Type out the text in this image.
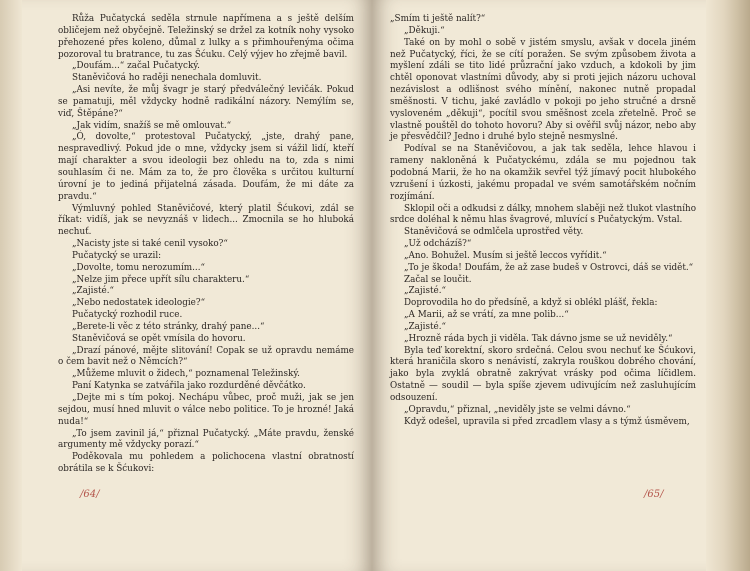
Růža Pučatycká seděla strnule napřímena a s ještě delším obličejem než obyčejně. Teležinský se držel za kotník nohy vysoko přehozené přes koleno, důmal z lulky a s přimhouřenýma očima pozoroval tu bratrance, tu zas Šćuku. Celý výjev ho zřejmě bavil.

„Doufám...“ začal Pučatycký.

Staněvičová ho raději nenechala domluvit.

„Asi nevíte, že můj švagr je starý předválečný levičák. Pokud se pamatuji, měl vždycky hodně radikální názory. Nemýlím se, viď, Štěpáne?“

„Jak vidím, snažíš se mě omlouvat.“

„Ó, dovolte,“ protestoval Pučatycký, „jste, drahý pane, nespravedlivý. Pokud jde o mne, vždycky jsem si vážil lidí, kteří mají charakter a svou ideologii bez ohledu na to, zda s nimi souhlasím či ne. Mám za to, že pro člověka s určitou kulturní úrovní je to jediná přijatelná zásada. Doufám, že mi dáte za pravdu.“

Výmluvný pohled Staněvičové, který platil Šćukovi, zdál se říkat: vidíš, jak se nevyznáš v lidech... Zmocnila se ho hluboká nechuť.

„Nacisty jste si také cenil vysoko?“

Pučatycký se urazil:

„Dovolte, tomu nerozumím...“

„Nelze jim přece upřít sílu charakteru.“

„Zajisté.“

„Nebo nedostatek ideologie?“

Pučatycký rozhodil ruce.

„Berete-li věc z této stránky, drahý pane...“

Staněvičová se opět vmísila do hovoru.

„Drazí pánové, mějte slitování! Copak se už opravdu nemáme o čem bavit než o Němcích?“

„Můžeme mluvit o židech,“ poznamenal Teležinský.

Paní Katynka se zatvářila jako rozdurděné děvčátko.

„Dejte mi s tím pokoj. Nechápu vůbec, proč muži, jak se jen sejdou, musí hned mluvit o válce nebo politice. To je hrozné! Jaká nuda!“

„To jsem zavinil já,“ přiznal Pučatycký. „Máte pravdu, ženské argumenty mě vždycky porazí.“

Poděkovala mu pohledem a polichocena vlastní obratností obrátila se k Šćukovi:

/64/

„Smím ti ještě nalít?“

„Děkuji.“

Také on by mohl o sobě v jistém smyslu, avšak v docela jiném než Pučatycký, říci, že se cítí poražen. Se svým způsobem života a myšlení zdáli se tito lidé průzrační jako vzduch, a kdokoli by jim chtěl oponovat vlastními důvody, aby si proti jejich názoru uchoval nezávislost a odlišnost svého mínění, nakonec nutně propadal směšnosti. V tichu, jaké zavládlo v pokoji po jeho stručné a drsně vysloveném „děkuji“, pocítil svou směšnost zcela zřetelně. Proč se vlastně pouštěl do tohoto hovoru? Aby si ověřil svůj názor, nebo aby je přesvědčil? Jedno i druhé bylo stejně nesmyslné.

Podíval se na Staněvičovou, a jak tak seděla, lehce hlavou i rameny nakloněná k Pučatyckému, zdála se mu pojednou tak podobná Marii, že ho na okamžik sevřel týž jímavý pocit hlubokého vzrušení i úzkosti, jakému propadal ve svém samotářském nočním rozjímání.

Sklopil oči a odkudsi z dálky, mnohem slaběji než tlukot vlastního srdce doléhal k němu hlas švagrové, mluvící s Pučatyckým. Vstal.

Staněvičová se odmlčela uprostřed věty.

„Už odcházíš?“

„Ano. Bohužel. Musím si ještě leccos vyřídit.“

„To je škoda! Doufám, že až zase budeš v Ostrovci, dáš se vidět.“

Začal se loučit.

„Zajisté.“

Doprovodila ho do předsíně, a když si oblékl plášť, řekla:

„A Marii, až se vrátí, za mne polib...“

„Zajisté.“

„Hrozně ráda bych ji viděla. Tak dávno jsme se už neviděly.“

Byla teď korektní, skoro srdečná. Celou svou nechuť ke Šćukovi, která hraničila skoro s nenávistí, zakryla rouškou dobrého chování, jako byla zvyklá obratně zakrývat vrásky pod očima líčidlem. Ostatně — soudil — byla spíše zjevem udivujícím než zasluhujícím odsouzení.

„Opravdu,“ přiznal, „neviděly jste se velmi dávno.“

Když odešel, upravila si před zrcadlem vlasy a s týmž úsměvem,

/65/
